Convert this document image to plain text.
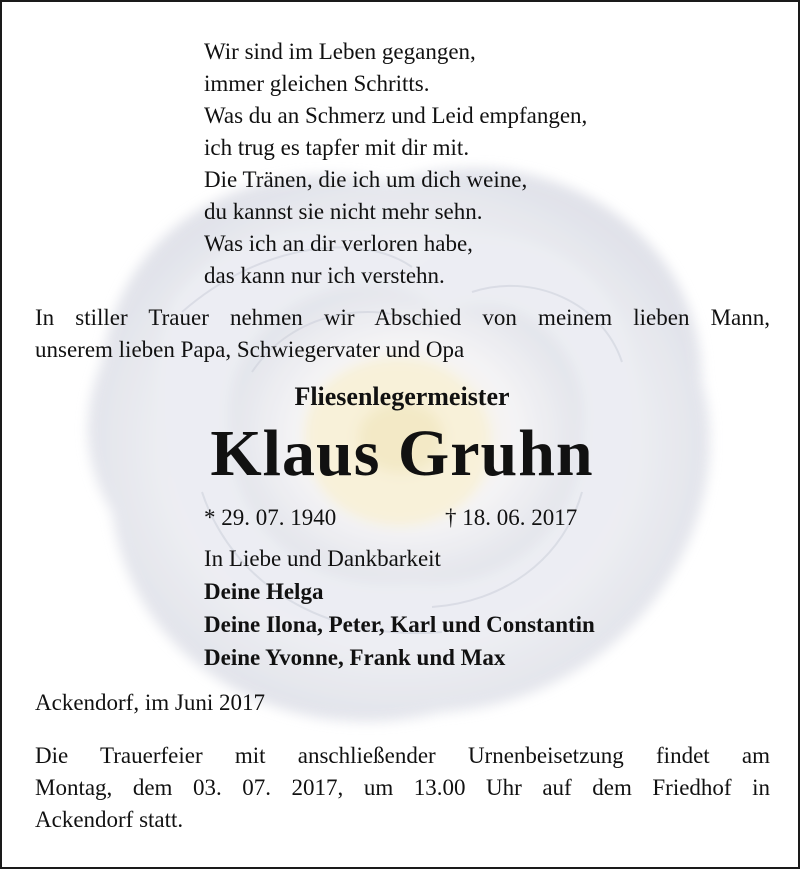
Wir sind im Leben gegangen,
immer gleichen Schritts.
Was du an Schmerz und Leid empfangen,
ich trug es tapfer mit dir mit.
Die Tränen, die ich um dich weine,
du kannst sie nicht mehr sehn.
Was ich an dir verloren habe,
das kann nur ich verstehn.
In stiller Trauer nehmen wir Abschied von meinem lieben Mann,
unserem lieben Papa, Schwiegervater und Opa
Fliesenlegermeister
Klaus Gruhn
* 29. 07. 1940	† 18. 06. 2017
In Liebe und Dankbarkeit
Deine Helga
Deine Ilona, Peter, Karl und Constantin
Deine Yvonne, Frank und Max
Ackendorf, im Juni 2017
Die Trauerfeier mit anschließender Urnenbeisetzung findet am
Montag, dem 03. 07. 2017, um 13.00 Uhr auf dem Friedhof in
Ackendorf statt.
